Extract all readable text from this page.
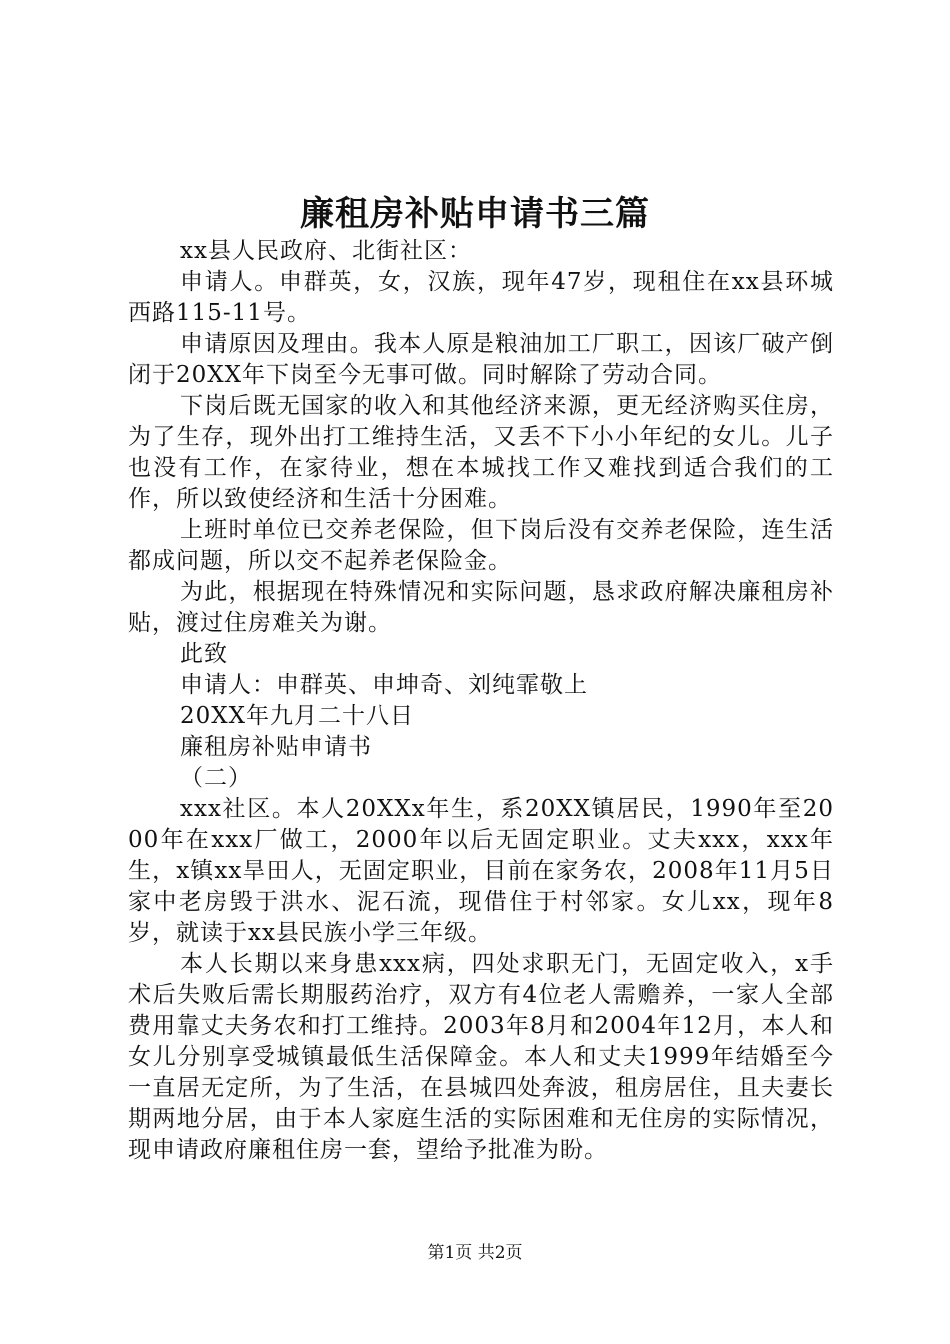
廉租房补贴申请书三篇

xx县人民政府、北街社区：

申请人。申群英，女，汉族，现年47岁，现租住在xx县环城西路115-11号。

申请原因及理由。我本人原是粮油加工厂职工，因该厂破产倒闭于20XX年下岗至今无事可做。同时解除了劳动合同。

下岗后既无国家的收入和其他经济来源，更无经济购买住房，为了生存，现外出打工维持生活，又丢不下小小年纪的女儿。儿子也没有工作，在家待业，想在本城找工作又难找到适合我们的工作，所以致使经济和生活十分困难。

上班时单位已交养老保险，但下岗后没有交养老保险，连生活都成问题，所以交不起养老保险金。

为此，根据现在特殊情况和实际问题，恳求政府解决廉租房补贴，渡过住房难关为谢。

此致

申请人：申群英、申坤奇、刘纯霏敬上

20XX年九月二十八日

廉租房补贴申请书

（二）

xxx社区。本人20XXx年生，系20XX镇居民，1990年至2000年在xxx厂做工，2000年以后无固定职业。丈夫xxx，xxx年生，x镇xx旱田人，无固定职业，目前在家务农，2008年11月5日家中老房毁于洪水、泥石流，现借住于村邻家。女儿xx，现年8岁，就读于xx县民族小学三年级。

本人长期以来身患xxx病，四处求职无门，无固定收入，x手术后失败后需长期服药治疗，双方有4位老人需赡养，一家人全部费用靠丈夫务农和打工维持。2003年8月和2004年12月，本人和女儿分别享受城镇最低生活保障金。本人和丈夫1999年结婚至今一直居无定所，为了生活，在县城四处奔波，租房居住，且夫妻长期两地分居，由于本人家庭生活的实际困难和无住房的实际情况，现申请政府廉租住房一套，望给予批准为盼。

第1页 共2页
